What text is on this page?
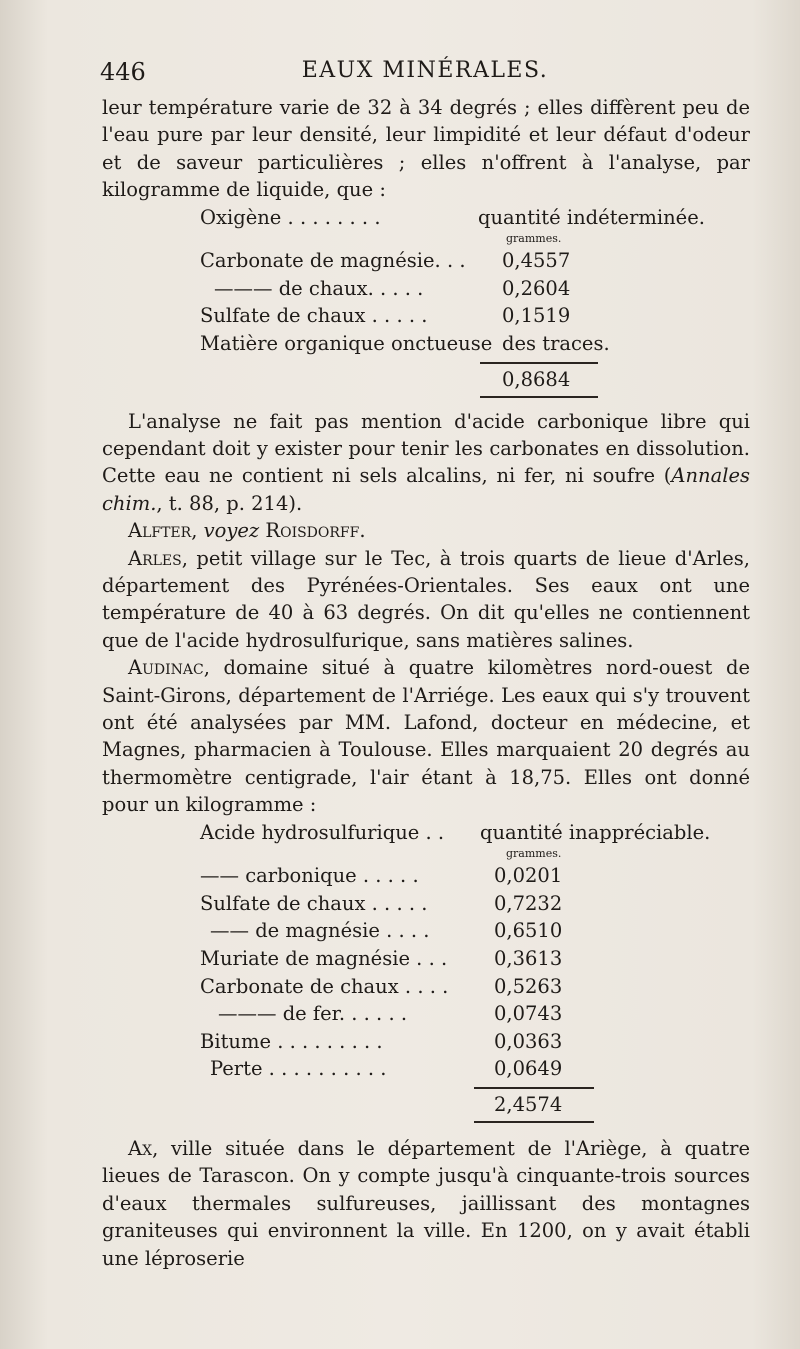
446	EAUX MINÉRALES.

leur température varie de 32 à 34 degrés ; elles diffèrent peu de l'eau pure par leur densité, leur limpidité et leur défaut d'odeur et de saveur particulières ; elles n'offrent à l'analyse, par kilogramme de liquide, que :

Oxigène . . . . . . . .	quantité indéterminée.
grammes.
Carbonate de magnésie. . . 0,4557
——— de chaux. . . . .	0,2604
Sulfate de chaux . . . . .	0,1519
Matière organique onctueuse des traces.
0,8684

L'analyse ne fait pas mention d'acide carbonique libre qui cependant doit y exister pour tenir les carbonates en dissolution. Cette eau ne contient ni sels alcalins, ni fer, ni soufre (Annales chim., t. 88, p. 214).

Alfter, voyez Roisdorff.

Arles, petit village sur le Tec, à trois quarts de lieue d'Arles, département des Pyrénées-Orientales. Ses eaux ont une température de 40 à 63 degrés. On dit qu'elles ne contiennent que de l'acide hydrosulfurique, sans matières salines.

Audinac, domaine situé à quatre kilomètres nord-ouest de Saint-Girons, département de l'Arriége. Les eaux qui s'y trouvent ont été analysées par MM. Lafond, docteur en médecine, et Magnes, pharmacien à Toulouse. Elles marquaient 20 degrés au thermomètre centigrade, l'air étant à 18,75. Elles ont donné pour un kilogramme :

Acide hydrosulfurique . . quantité inappréciable.
grammes.
—— carbonique . . . . .	0,0201
Sulfate de chaux . . . . .	0,7232
—— de magnésie . . . .	0,6510
Muriate de magnésie . . . 0,3613
Carbonate de chaux . . . . 0,5263
——— de fer. . . . . .	0,0743
Bitume . . . . . . . . .	0,0363
Perte . . . . . . . . . .	0,0649
2,4574

Ax, ville située dans le département de l'Ariège, à quatre lieues de Tarascon. On y compte jusqu'à cinquante-trois sources d'eaux thermales sulfureuses, jaillissant des montagnes graniteuses qui environnent la ville. En 1200, on y avait établi une léproserie
